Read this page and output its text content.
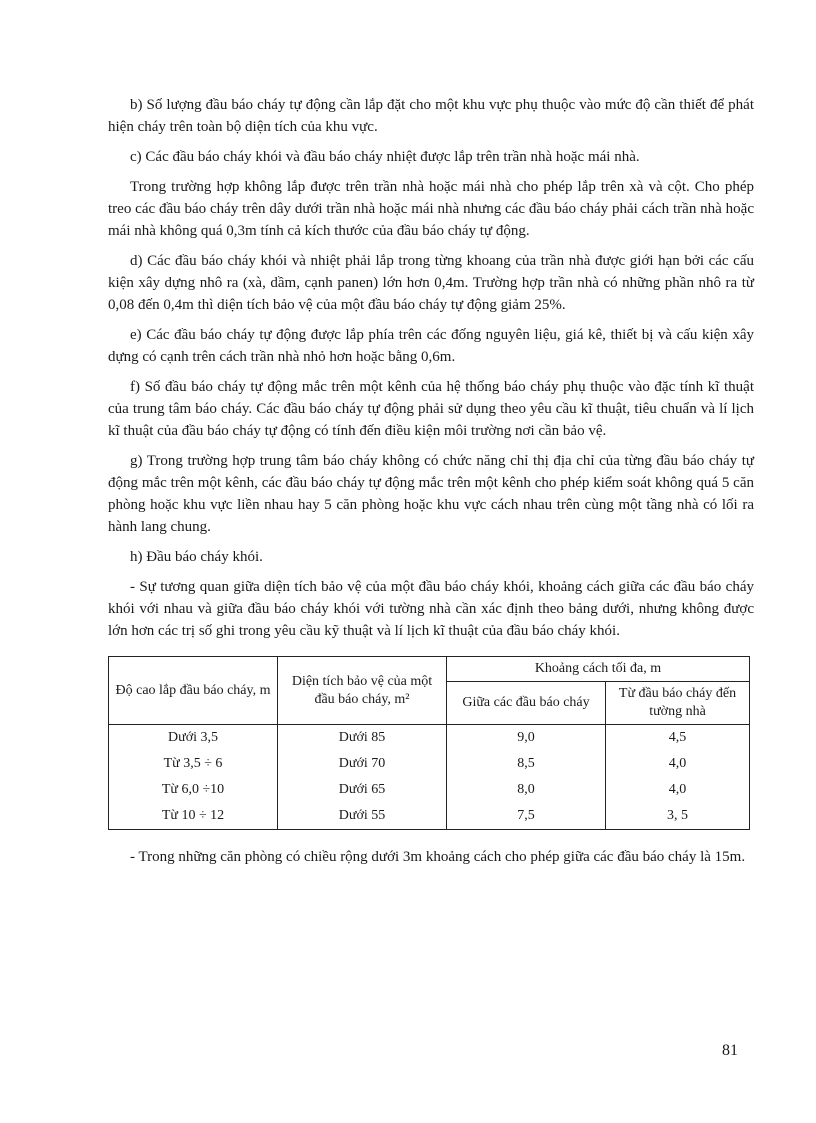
b) Số lượng đầu báo cháy tự động cần lắp đặt cho một khu vực phụ thuộc vào mức độ cần thiết để phát hiện cháy trên toàn bộ diện tích của khu vực.

c) Các đầu báo cháy khói và đầu báo cháy nhiệt được lắp trên trần nhà hoặc mái nhà.

Trong trường hợp không lắp được trên trần nhà hoặc mái nhà cho phép lắp trên xà và cột. Cho phép treo các đầu báo cháy trên dây dưới trần nhà hoặc mái nhà nhưng các đầu báo cháy phải cách trần nhà hoặc mái nhà không quá 0,3m tính cả kích thước của đầu báo cháy tự động.

d) Các đầu báo cháy khói và nhiệt phải lắp trong từng khoang của trần nhà được giới hạn bởi các cấu kiện xây dựng nhô ra (xà, dầm, cạnh panen) lớn hơn 0,4m. Trường hợp trần nhà có những phần nhô ra từ 0,08 đến 0,4m thì diện tích bảo vệ của một đầu báo cháy tự động giảm 25%.

e) Các đầu báo cháy tự động được lắp phía trên các đống nguyên liệu, giá kê, thiết bị và cấu kiện xây dựng có cạnh trên cách trần nhà nhỏ hơn hoặc bằng 0,6m.

f) Số đầu báo cháy tự động mắc trên một kênh của hệ thống báo cháy phụ thuộc vào đặc tính kĩ thuật của trung tâm báo cháy. Các đầu báo cháy tự động phải sử dụng theo yêu cầu kĩ thuật, tiêu chuẩn và lí lịch kĩ thuật của đầu báo cháy tự động có tính đến điều kiện môi trường nơi cần bảo vệ.

g) Trong trường hợp trung tâm báo cháy không có chức năng chỉ thị địa chỉ của từng đầu báo cháy tự động mắc trên một kênh, các đầu báo cháy tự động mắc trên một kênh cho phép kiểm soát không quá 5 căn phòng hoặc khu vực liền nhau hay 5 căn phòng hoặc khu vực cách nhau trên cùng một tầng nhà có lối ra hành lang chung.

h) Đầu báo cháy khói.

- Sự tương quan giữa diện tích bảo vệ của một đầu báo cháy khói, khoảng cách giữa các đầu báo cháy khói với nhau và giữa đầu báo cháy khói với tường nhà cần xác định theo bảng dưới, nhưng không được lớn hơn các trị số ghi trong yêu cầu kỹ thuật và lí lịch kĩ thuật của đầu báo cháy khói.

Độ cao lắp đầu báo cháy, m	Diện tích bảo vệ của một đầu báo cháy, m²	Khoảng cách tối đa, m	
		Giữa các đầu báo cháy	Từ đầu báo cháy đến tường nhà
Dưới 3,5	Dưới 85	9,0	4,5
Từ 3,5 ÷ 6	Dưới 70	8,5	4,0
Từ 6,0 ÷10	Dưới 65	8,0	4,0
Từ 10 ÷ 12	Dưới 55	7,5	3, 5

- Trong những căn phòng có chiều rộng dưới 3m khoảng cách cho phép giữa các đầu báo cháy là 15m.

81
